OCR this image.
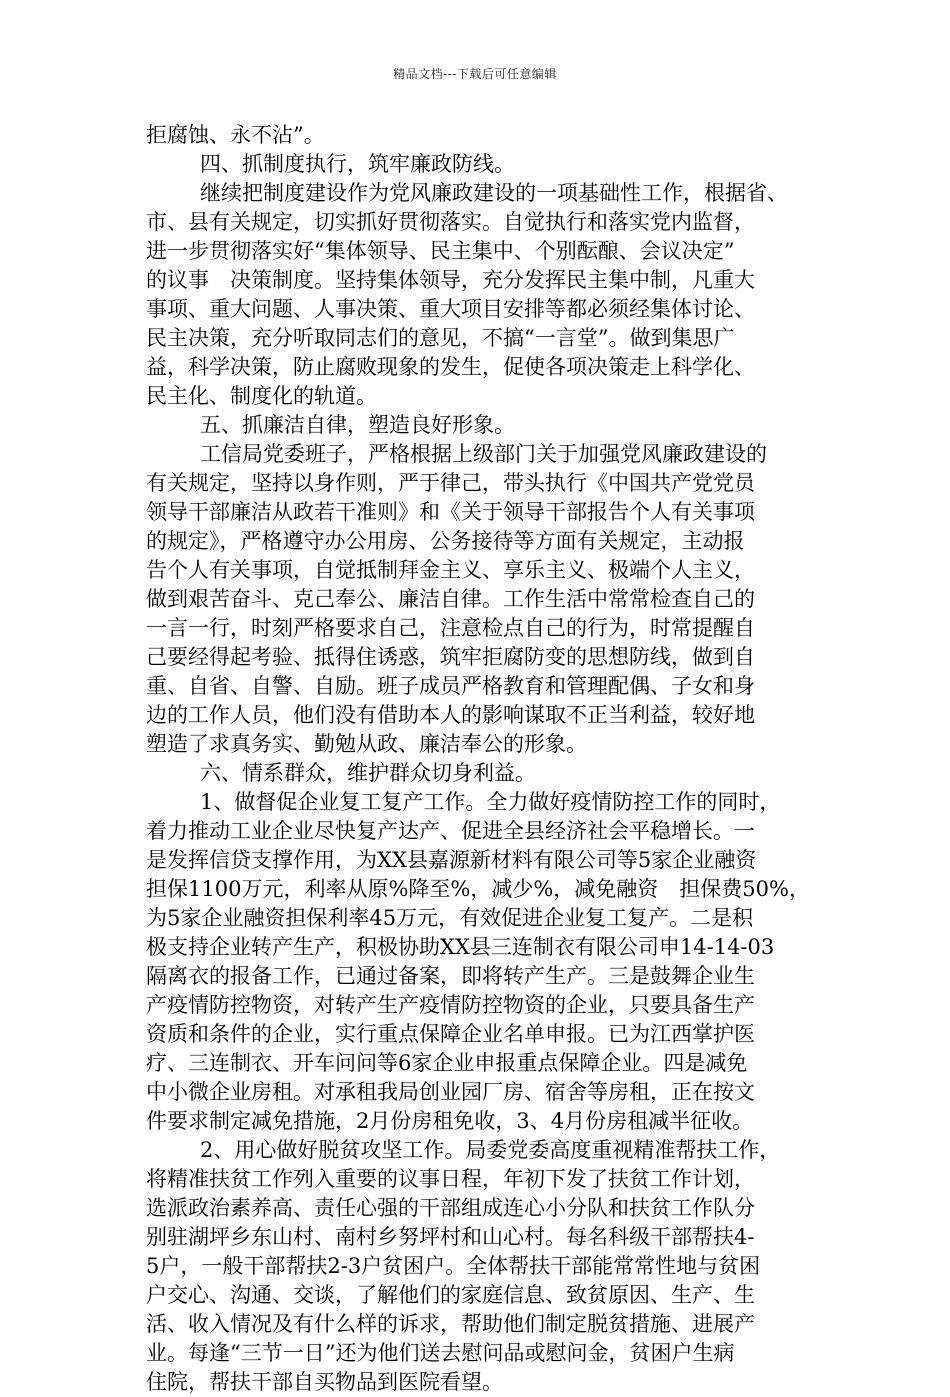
精品文档---下载后可任意编辑
拒腐蚀、永不沾”。
四、抓制度执行，筑牢廉政防线。
继续把制度建设作为党风廉政建设的一项基础性工作，根据省、
市、县有关规定，切实抓好贯彻落实。自觉执行和落实党内监督，
进一步贯彻落实好“集体领导、民主集中、个别酝酿、会议决定”
的议事　决策制度。坚持集体领导，充分发挥民主集中制，凡重大
事项、重大问题、人事决策、重大项目安排等都必须经集体讨论、
民主决策，充分听取同志们的意见，不搞“一言堂”。做到集思广
益，科学决策，防止腐败现象的发生，促使各项决策走上科学化、
民主化、制度化的轨道。
五、抓廉洁自律，塑造良好形象。
工信局党委班子，严格根据上级部门关于加强党风廉政建设的
有关规定，坚持以身作则，严于律己，带头执行《中国共产党党员
领导干部廉洁从政若干准则》和《关于领导干部报告个人有关事项
的规定》，严格遵守办公用房、公务接待等方面有关规定，主动报
告个人有关事项，自觉抵制拜金主义、享乐主义、极端个人主义，
做到艰苦奋斗、克己奉公、廉洁自律。工作生活中常常检查自己的
一言一行，时刻严格要求自己，注意检点自己的行为，时常提醒自
己要经得起考验、抵得住诱惑，筑牢拒腐防变的思想防线，做到自
重、自省、自警、自励。班子成员严格教育和管理配偶、子女和身
边的工作人员，他们没有借助本人的影响谋取不正当利益，较好地
塑造了求真务实、勤勉从政、廉洁奉公的形象。
六、情系群众，维护群众切身利益。
1、做督促企业复工复产工作。全力做好疫情防控工作的同时，
着力推动工业企业尽快复产达产、促进全县经济社会平稳增长。一
是发挥信贷支撑作用，为XX县嘉源新材料有限公司等5家企业融资
担保1100万元，利率从原%降至%，减少%，减免融资　担保费50%，
为5家企业融资担保利率45万元，有效促进企业复工复产。二是积
极支持企业转产生产，积极协助XX县三连制衣有限公司申14-14-03
隔离衣的报备工作，已通过备案，即将转产生产。三是鼓舞企业生
产疫情防控物资，对转产生产疫情防控物资的企业，只要具备生产
资质和条件的企业，实行重点保障企业名单申报。已为江西掌护医
疗、三连制衣、开车问问等6家企业申报重点保障企业。四是减免
中小微企业房租。对承租我局创业园厂房、宿舍等房租，正在按文
件要求制定减免措施，2月份房租免收，3、4月份房租减半征收。
2、用心做好脱贫攻坚工作。局委党委高度重视精准帮扶工作，
将精准扶贫工作列入重要的议事日程，年初下发了扶贫工作计划，
选派政治素养高、责任心强的干部组成连心小分队和扶贫工作队分
别驻湖坪乡东山村、南村乡努坪村和山心村。每名科级干部帮扶4-
5户，一般干部帮扶2-3户贫困户。全体帮扶干部能常常性地与贫困
户交心、沟通、交谈，了解他们的家庭信息、致贫原因、生产、生
活、收入情况及有什么样的诉求，帮助他们制定脱贫措施、进展产
业。每逢“三节一日”还为他们送去慰问品或慰问金，贫困户生病
住院，帮扶干部自买物品到医院看望。
